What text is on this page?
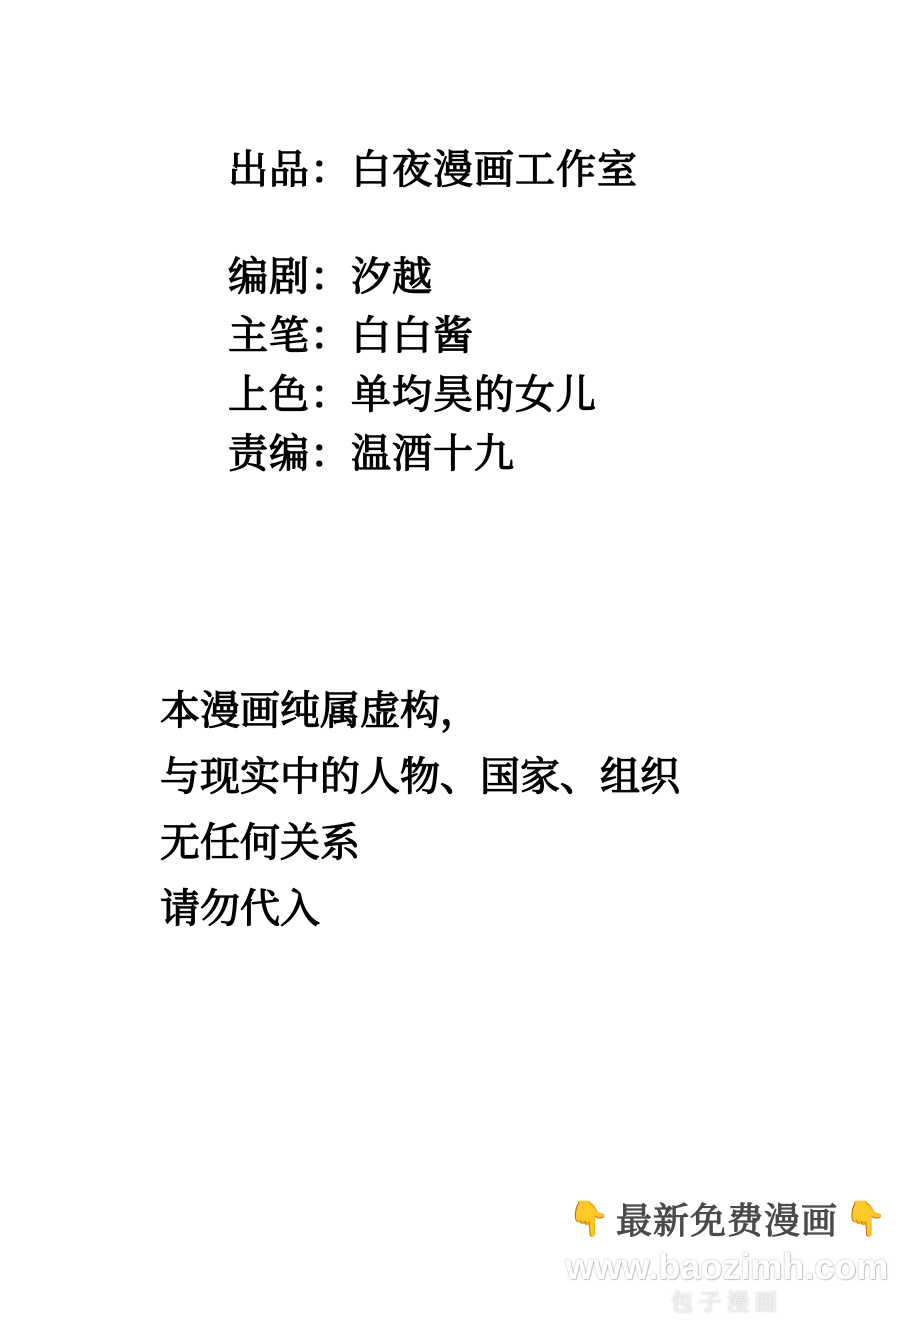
出品：白夜漫画工作室
编剧：汐越
主笔：白白酱
上色：单均昊的女儿
责编：温酒十九
本漫画纯属虚构，
与现实中的人物、国家、组织
无任何关系
请勿代入
👇 最新免费漫画 👇
www.baozimh.com
包子漫画
